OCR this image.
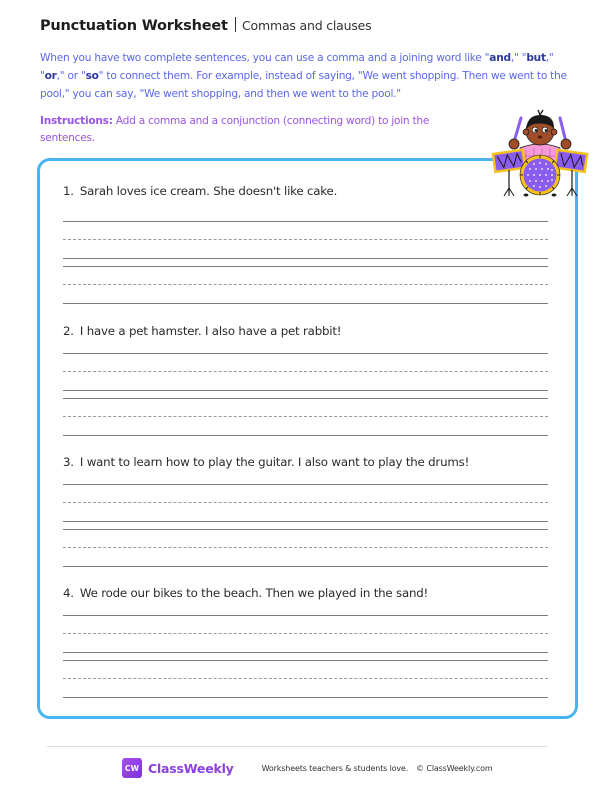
Punctuation Worksheet Commas and clauses

When you have two complete sentences, you can use a comma and a joining word like "and," "but," "or," or "so" to connect them. For example, instead of saying, "We went shopping. Then we went to the pool," you can say, "We went shopping, and then we went to the pool."

Instructions: Add a comma and a conjunction (connecting word) to join the sentences.

1. Sarah loves ice cream. She doesn't like cake.
2. I have a pet hamster. I also have a pet rabbit!
3. I want to learn how to play the guitar. I also want to play the drums!
4. We rode our bikes to the beach. Then we played in the sand!
CW ClassWeekly	Worksheets teachers & students love. © ClassWeekly.com
